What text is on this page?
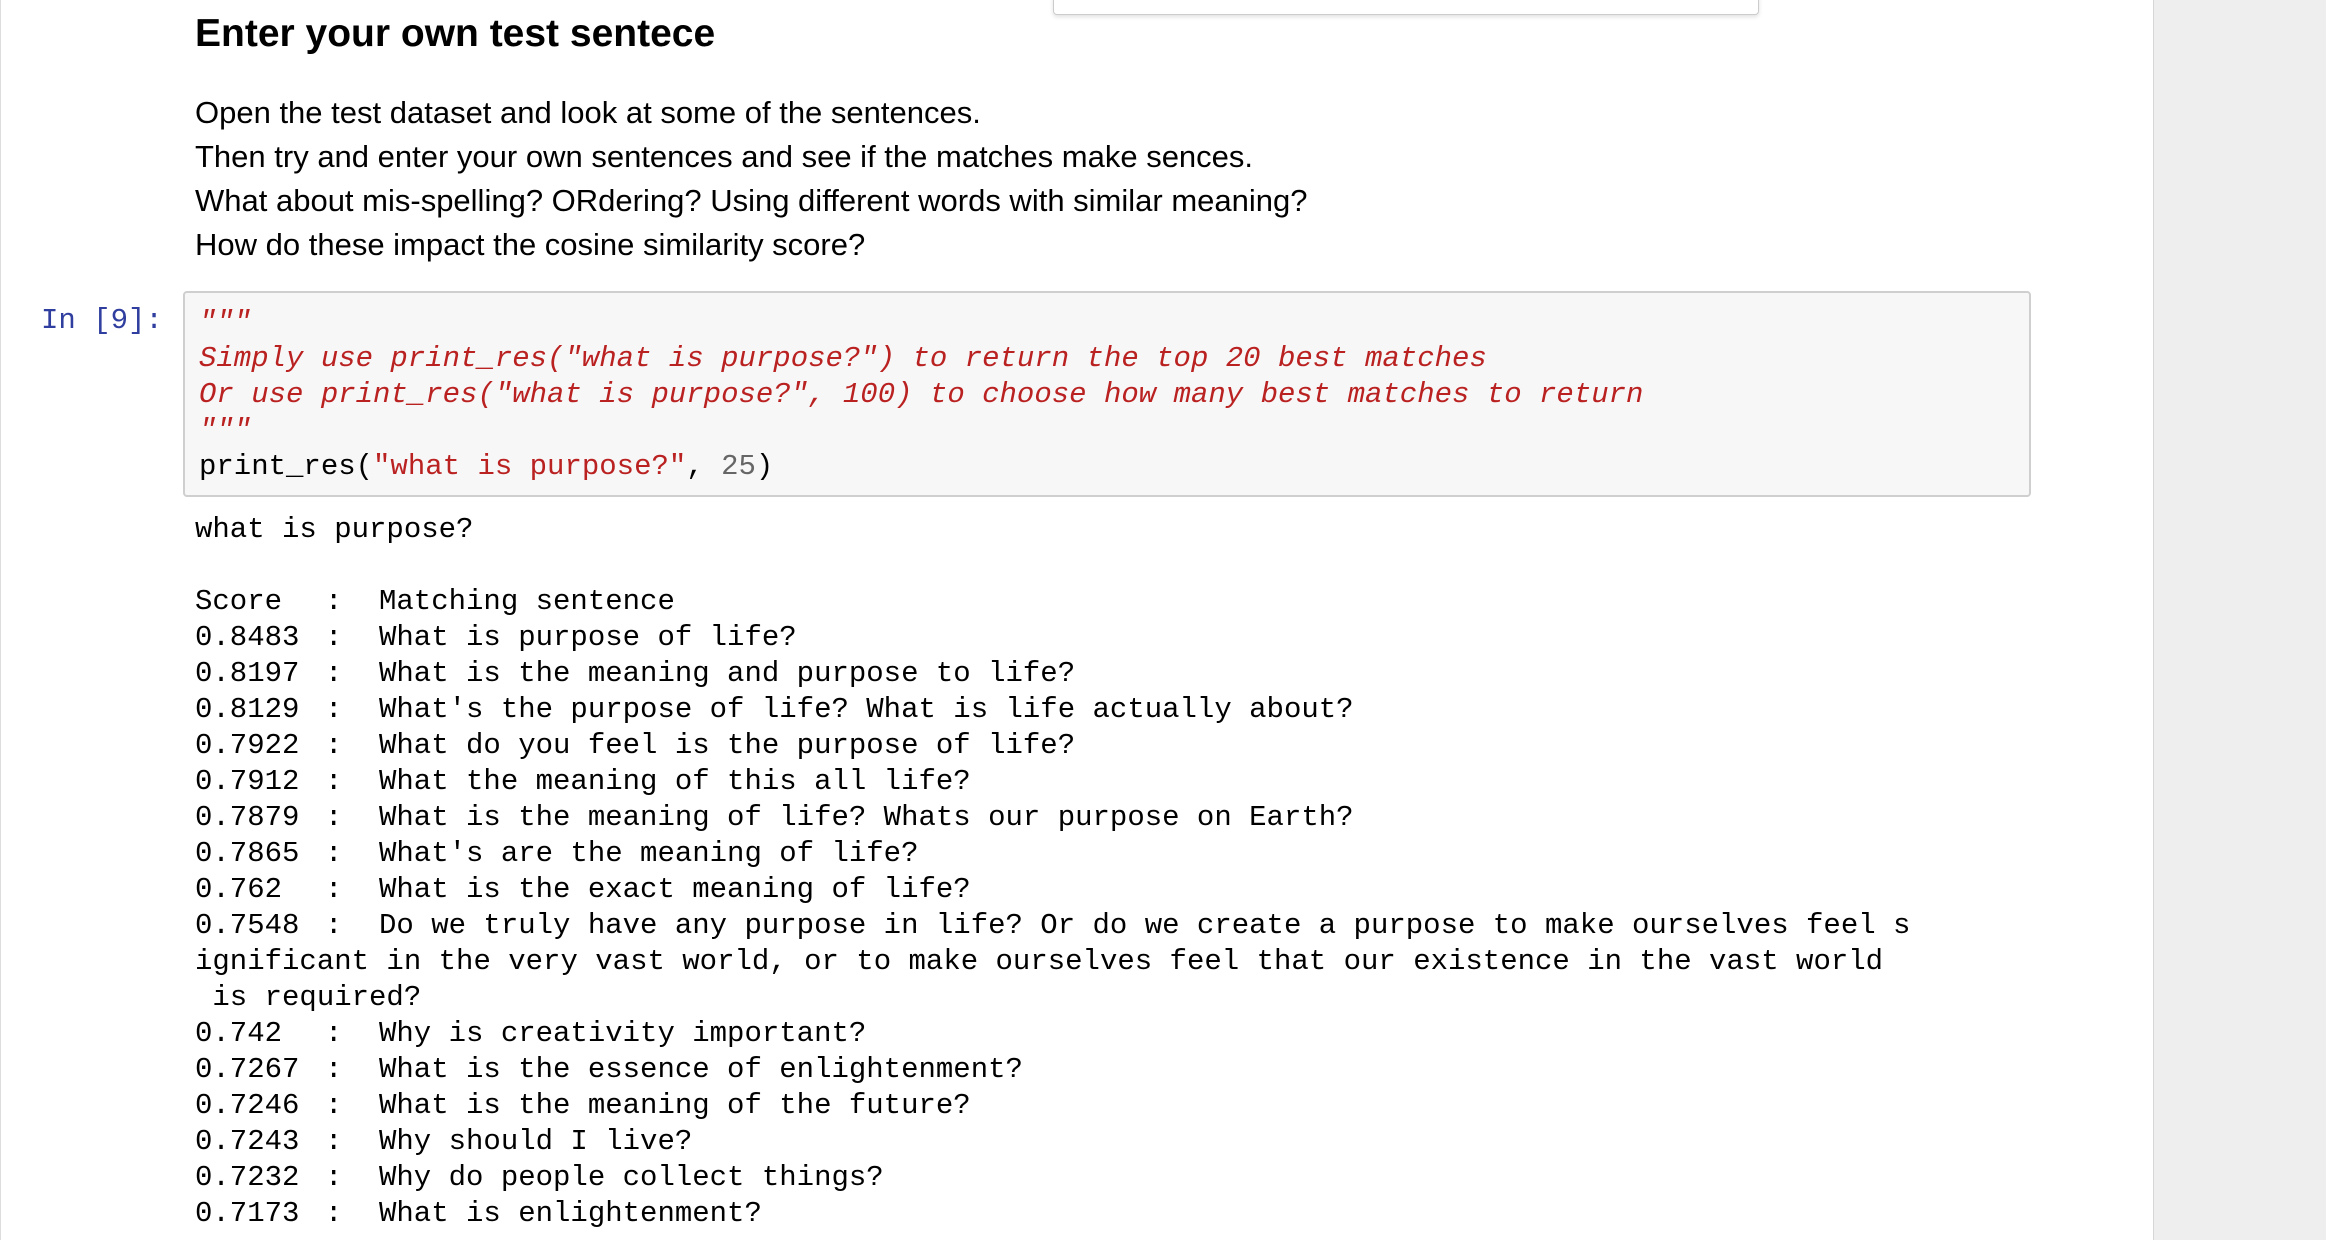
Enter your own test sentece
Open the test dataset and look at some of the sentences.
Then try and enter your own sentences and see if the matches make sences.
What about mis-spelling? ORdering? Using different words with similar meaning?
How do these impact the cosine similarity score?
In [9]:	"""
Simply use print_res("what is purpose?") to return the top 20 best matches
Or use print_res("what is purpose?", 100) to choose how many best matches to return
"""
print_res("what is purpose?", 25)
what is purpose?
Score : Matching sentence
0.8483 : What is purpose of life?
0.8197 : What is the meaning and purpose to life?
0.8129 : What's the purpose of life? What is life actually about?
0.7922 : What do you feel is the purpose of life?
0.7912 : What the meaning of this all life?
0.7879 : What is the meaning of life? Whats our purpose on Earth?
0.7865 : What's are the meaning of life?
0.762 : What is the exact meaning of life?
0.7548 : Do we truly have any purpose in life? Or do we create a purpose to make ourselves feel s
ignificant in the very vast world, or to make ourselves feel that our existence in the vast world
is required?
0.742 : Why is creativity important?
0.7267 : What is the essence of enlightenment?
0.7246 : What is the meaning of the future?
0.7243 : Why should I live?
0.7232 : Why do people collect things?
0.7173 : What is enlightenment?
